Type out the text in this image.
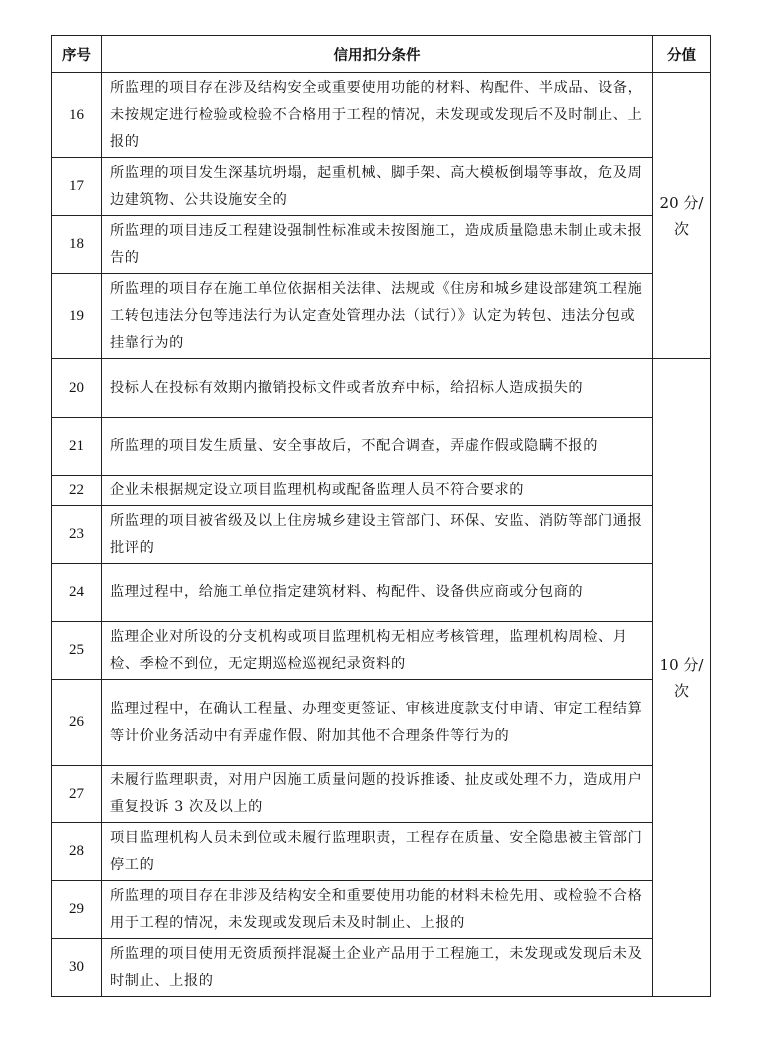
序号	信用扣分条件	分值
16	所监理的项目存在涉及结构安全或重要使用功能的材料、构配件、半成品、设备，未按规定进行检验或检验不合格用于工程的情况，未发现或发现后不及时制止、上报的	20 分/次
17	所监理的项目发生深基坑坍塌，起重机械、脚手架、高大模板倒塌等事故，危及周边建筑物、公共设施安全的	
18	所监理的项目违反工程建设强制性标准或未按图施工，造成质量隐患未制止或未报告的	
19	所监理的项目存在施工单位依据相关法律、法规或《住房和城乡建设部建筑工程施工转包违法分包等违法行为认定查处管理办法（试行）》认定为转包、违法分包或挂靠行为的	
20	投标人在投标有效期内撤销投标文件或者放弃中标，给招标人造成损失的	10 分/次
21	所监理的项目发生质量、安全事故后，不配合调查，弄虚作假或隐瞒不报的	
22	企业未根据规定设立项目监理机构或配备监理人员不符合要求的	
23	所监理的项目被省级及以上住房城乡建设主管部门、环保、安监、消防等部门通报批评的	
24	监理过程中，给施工单位指定建筑材料、构配件、设备供应商或分包商的	
25	监理企业对所设的分支机构或项目监理机构无相应考核管理，监理机构周检、月检、季检不到位，无定期巡检巡视纪录资料的	
26	监理过程中，在确认工程量、办理变更签证、审核进度款支付申请、审定工程结算等计价业务活动中有弄虚作假、附加其他不合理条件等行为的	
27	未履行监理职责，对用户因施工质量问题的投诉推诿、扯皮或处理不力，造成用户重复投诉 3 次及以上的	
28	项目监理机构人员未到位或未履行监理职责，工程存在质量、安全隐患被主管部门停工的	
29	所监理的项目存在非涉及结构安全和重要使用功能的材料未检先用、或检验不合格用于工程的情况，未发现或发现后未及时制止、上报的	
30	所监理的项目使用无资质预拌混凝土企业产品用于工程施工，未发现或发现后未及时制止、上报的	
